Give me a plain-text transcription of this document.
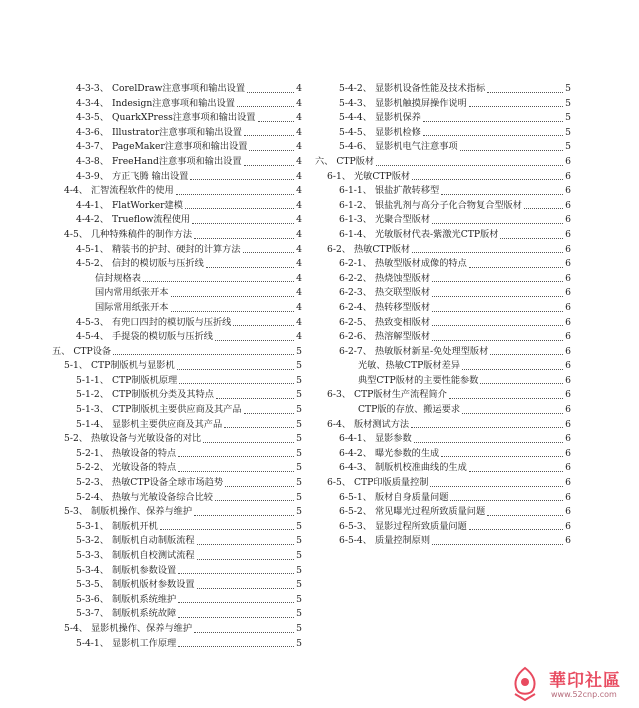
4-3-3、 CorelDraw注意事项和输出设置	4
4-3-4、 Indesign注意事项和输出设置	4
4-3-5、 QuarkXPress注意事项和输出设置	4
4-3-6、 Illustrator注意事项和输出设置	4
4-3-7、 PageMaker注意事项和输出设置	4
4-3-8、 FreeHand注意事项和输出设置	4
4-3-9、 方正飞腾 输出设置	4
4-4、 汇智流程软件的使用	4
4-4-1、 FlatWorker建模	4
4-4-2、 Trueflow流程使用	4
4-5、 几种特殊稿件的制作方法	4
4-5-1、 精装书的护封、硬封的计算方法	4
4-5-2、 信封的模切版与压折线	4
信封规格表	4
国内常用纸张开本	4
国际常用纸张开本	4
4-5-3、 有兜口四封的模切版与压折线	4
4-5-4、 手提袋的模切版与压折线	4
五、 CTP设备	5
5-1、 CTP制版机与显影机	5
5-1-1、 CTP制版机原理	5
5-1-2、 CTP制版机分类及其特点	5
5-1-3、 CTP制版机主要供应商及其产品	5
5-1-4、 显影机主要供应商及其产品	5
5-2、 热敏设备与光敏设备的对比	5
5-2-1、 热敏设备的特点	5
5-2-2、 光敏设备的特点	5
5-2-3、 热敏CTP设备全球市场趋势	5
5-2-4、 热敏与光敏设备综合比较	5
5-3、 制版机操作、保养与维护	5
5-3-1、 制版机开机	5
5-3-2、 制版机自动制版流程	5
5-3-3、 制版机自校测试流程	5
5-3-4、 制版机参数设置	5
5-3-5、 制版机版材参数设置	5
5-3-6、 制版机系统维护	5
5-3-7、 制版机系统故障	5
5-4、 显影机操作、保养与维护	5
5-4-1、 显影机工作原理	5
5-4-2、 显影机设备性能及技术指标	5
5-4-3、 显影机触摸屏操作说明	5
5-4-4、 显影机保养	5
5-4-5、 显影机检修	5
5-4-6、 显影机电气注意事项	5
六、 CTP版材	6
6-1、 光敏CTP版材	6
6-1-1、 银盐扩散转移型	6
6-1-2、 银盐乳剂与高分子化合物复合型版材	6
6-1-3、 光聚合型版材	6
6-1-4、 光敏版材代表-紫激光CTP版材	6
6-2、 热敏CTP版材	6
6-2-1、 热敏型版材成像的特点	6
6-2-2、 热烧蚀型版材	6
6-2-3、 热交联型版材	6
6-2-4、 热转移型版材	6
6-2-5、 热致变相版材	6
6-2-6、 热溶解型版材	6
6-2-7、 热敏版材新星-免处理型版材	6
光敏、热敏CTP版材差异	6
典型CTP版材的主要性能参数	6
6-3、 CTP版材生产流程简介	6
CTP版的存放、搬运要求	6
6-4、 版材测试方法	6
6-4-1、 显影参数	6
6-4-2、 曝光参数的生成	6
6-4-3、 制版机校准曲线的生成	6
6-5、 CTP印版质量控制	6
6-5-1、 版材自身质量问题	6
6-5-2、 常见曝光过程所致质量问题	6
6-5-3、 显影过程所致质量问题	6
6-5-4、 质量控制原则	6
華印社區
www.52cnp.com
